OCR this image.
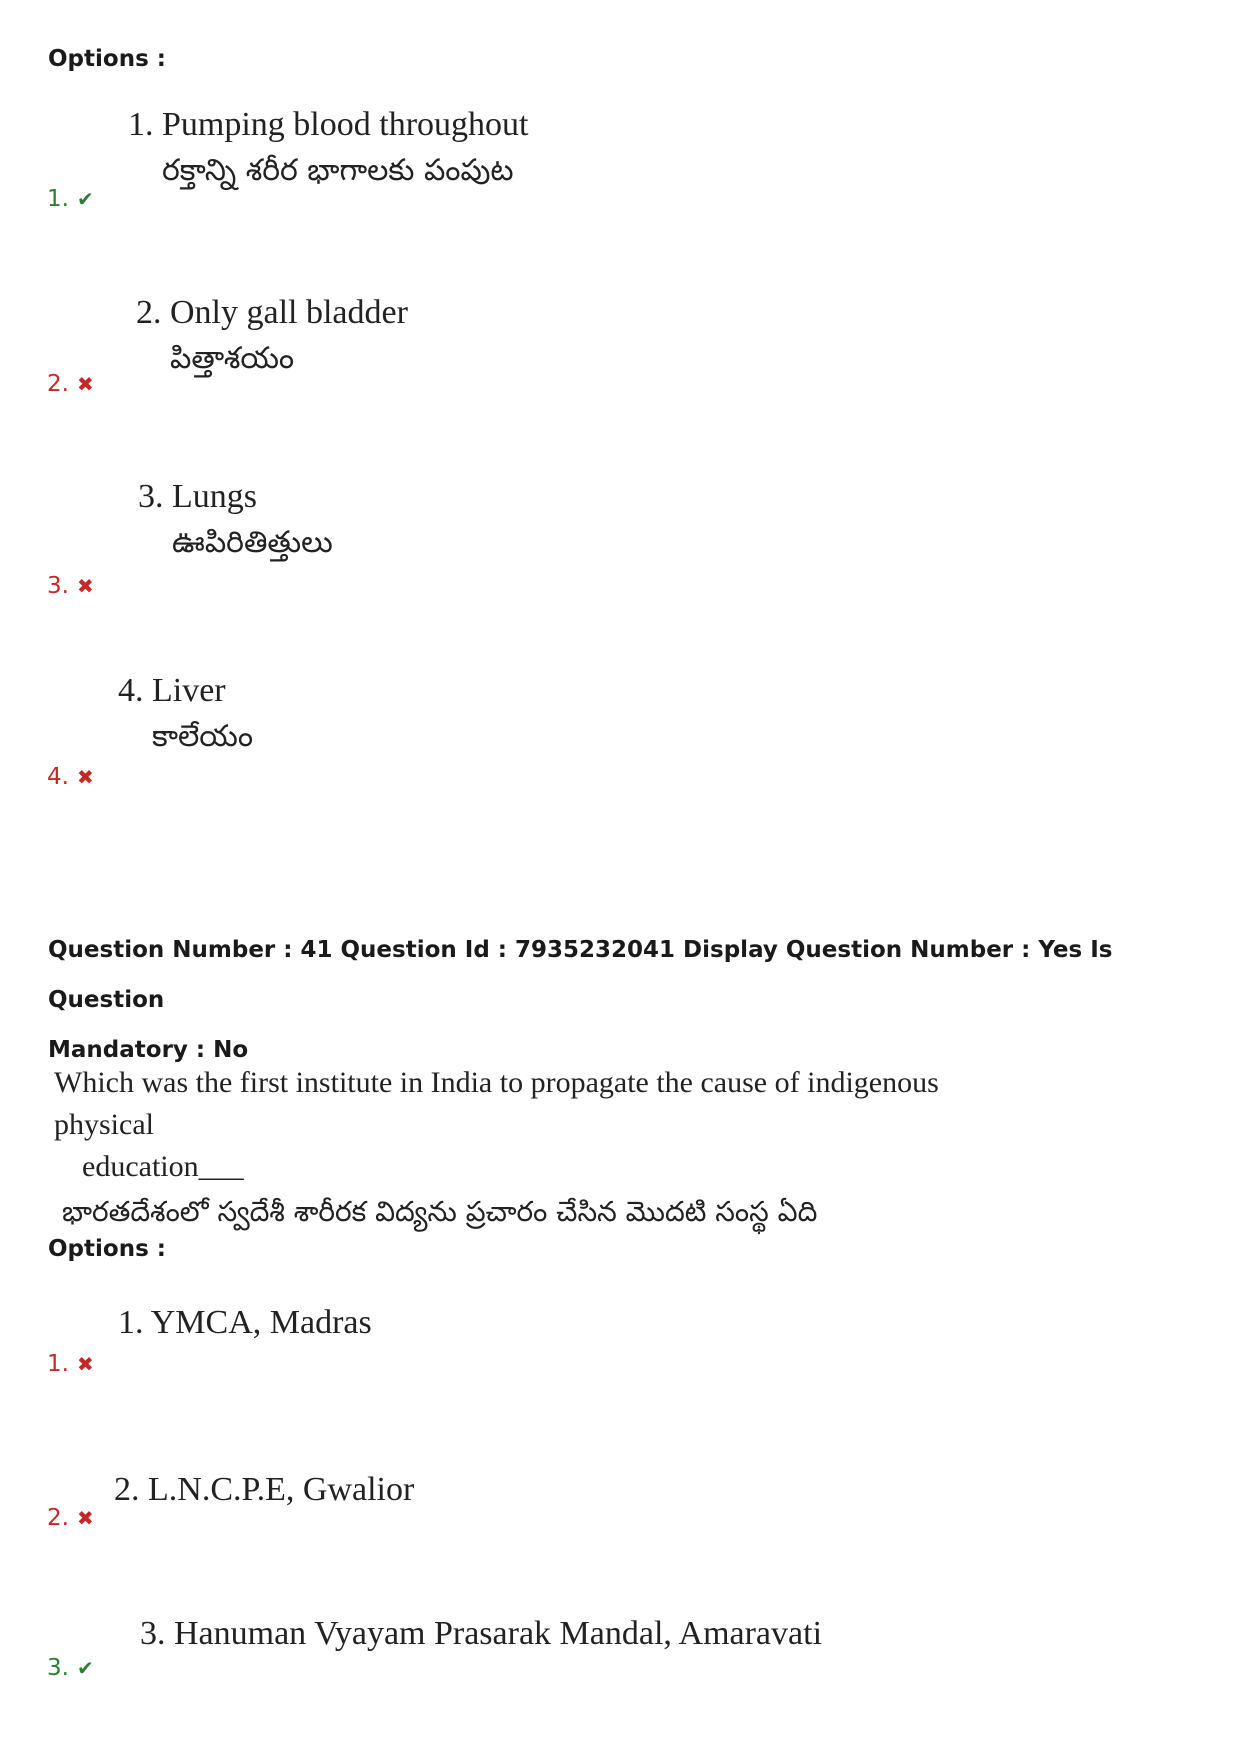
Options :
1. Pumping blood throughout
రక్తాన్ని శరీర భాగాలకు పంపుట
1. ✔
2. Only gall bladder
పిత్తాశయం
2. ✖
3. Lungs
ఊపిరితిత్తులు
3. ✖
4. Liver
కాలేయం
4. ✖
Question Number : 41 Question Id : 7935232041 Display Question Number : Yes Is Question
Mandatory : No
Which was the first institute in India to propagate the cause of indigenous physical
education___
భారతదేశంలో స్వదేశీ శారీరక విద్యను ప్రచారం చేసిన మొదటి సంస్థ ఏది
Options :
1. YMCA, Madras
1. ✖
2. L.N.C.P.E, Gwalior
2. ✖
3. Hanuman Vyayam Prasarak Mandal, Amaravati
3. ✔
